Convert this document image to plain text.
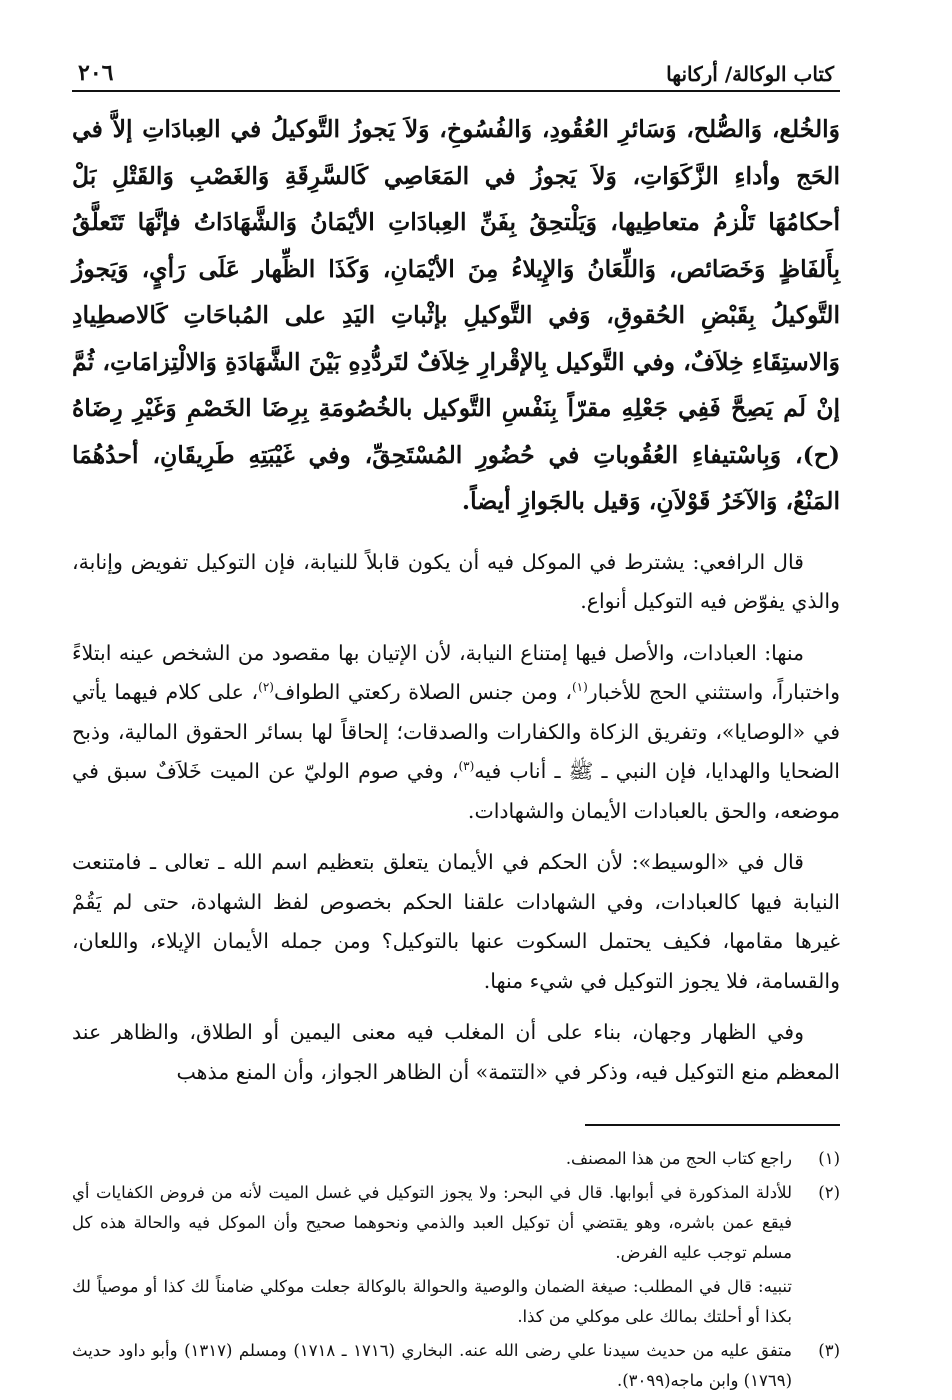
كتاب الوكالة/ أركانها
٢٠٦
وَالخُلع، وَالصُّلح، وَسَائرِ العُقُودِ، وَالفُسُوخِ، وَلاَ يَجوزُ التَّوكيلُ في العِبادَاتِ إلاَّ في الحَج وأداءِ الزَّكَوَاتِ، وَلاَ يَجوزُ في المَعَاصِي كَالسَّرِقَةِ وَالغَصْبِ وَالقَتْلِ بَلْ أحكامُهَا تَلْزمُ متعاطِيها، وَيَلْتحِقُ بِفَنِّ العِبادَاتِ الأيْمَانُ وَالشَّهَادَاتُ فإنَّهَا تَتَعلَّقُ بِأَلفَاظٍ وَخَصَائص، وَاللِّعَانُ وَالإِيلاءُ مِنَ الأيْمَانِ، وَكَذَا الظِّهار عَلَى رَأيٍ، وَيَجوزُ التَّوكيلُ بِقَبْضِ الحُقوقِ، وَفي التَّوكيلِ بإثْباتِ اليَدِ على المُباحَاتِ كَالاصطِيادِ وَالاستِقَاءِ خِلاَفٌ، وفي التَّوكيل بِالإقْرارِ خِلاَفٌ لتَردُّدِهِ بَيْنَ الشَّهَادَةِ وَالالْتِزامَاتِ، ثُمَّ إنْ لَم يَصِحَّ فَفِي جَعْلِهِ مقرّاً بِنَفْسِ التَّوكيل بالخُصُومَةِ بِرِضَا الخَصْمِ وَغَيْرِ رِضَاهُ (ح)، وَبِاسْتيفاءِ العُقُوباتِ في حُضُورِ المُسْتَحِقِّ، وفي غَيْبَتِهِ طَرِيقَانِ، أحدُهُمَا المَنْعُ، وَالآخَرُ قَوْلاَنِ، وَقيل بالجَوازِ أيضاً.

قال الرافعي: يشترط في الموكل فيه أن يكون قابلاً للنيابة، فإن التوكيل تفويض وإنابة، والذي يفوّض فيه التوكيل أنواع.

منها: العبادات، والأصل فيها إمتناع النيابة، لأن الإتيان بها مقصود من الشخص عينه ابتلاءً واختباراً، واستثني الحج للأخبار$^{(١)}$، ومن جنس الصلاة ركعتي الطواف$^{(٢)}$، على كلام فيهما يأتي في «الوصايا»، وتفريق الزكاة والكفارات والصدقات؛ إلحاقاً لها بسائر الحقوق المالية، وذبح الضحايا والهدايا، فإن النبي ـ ﷺ ـ أناب فيه$^{(٣)}$، وفي صوم الوليّ عن الميت خَلاَفٌ سبق في موضعه، والحق بالعبادات الأيمان والشهادات.

قال في «الوسيط»: لأن الحكم في الأيمان يتعلق بتعظيم اسم الله ـ تعالى ـ فامتنعت النيابة فيها كالعبادات، وفي الشهادات علقنا الحكم بخصوص لفظ الشهادة، حتى لم يَقُمْ غيرها مقامها، فكيف يحتمل السكوت عنها بالتوكيل؟ ومن جمله الأيمان الإيلاء، واللعان، والقسامة، فلا يجوز التوكيل في شيء منها.

وفي الظهار وجهان، بناء على أن المغلب فيه معنى اليمين أو الطلاق، والظاهر عند المعظم منع التوكيل فيه، وذكر في «التتمة» أن الظاهر الجواز، وأن المنع مذهب

(١)
راجع كتاب الحج من هذا المصنف.
(٢)
للأدلة المذكورة في أبوابها. قال في البحر: ولا يجوز التوكيل في غسل الميت لأنه من فروض الكفايات أي فيقع عمن باشره، وهو يقتضي أن توكيل العبد والذمي ونحوهما صحيح وأن الموكل فيه والحالة هذه كل مسلم توجب عليه الفرض.
تنبيه: قال في المطلب: صيغة الضمان والوصية والحوالة بالوكالة جعلت موكلي ضامناً لك كذا أو موصياً لك بكذا أو أحلتك بمالك على موكلي من كذا.
(٣)
متفق عليه من حديث سيدنا علي رضى الله عنه. البخاري (١٧١٦ ـ ١٧١٨) ومسلم (١٣١٧) وأبو داود حديث (١٧٦٩) وابن ماجه(٣٠٩٩).
